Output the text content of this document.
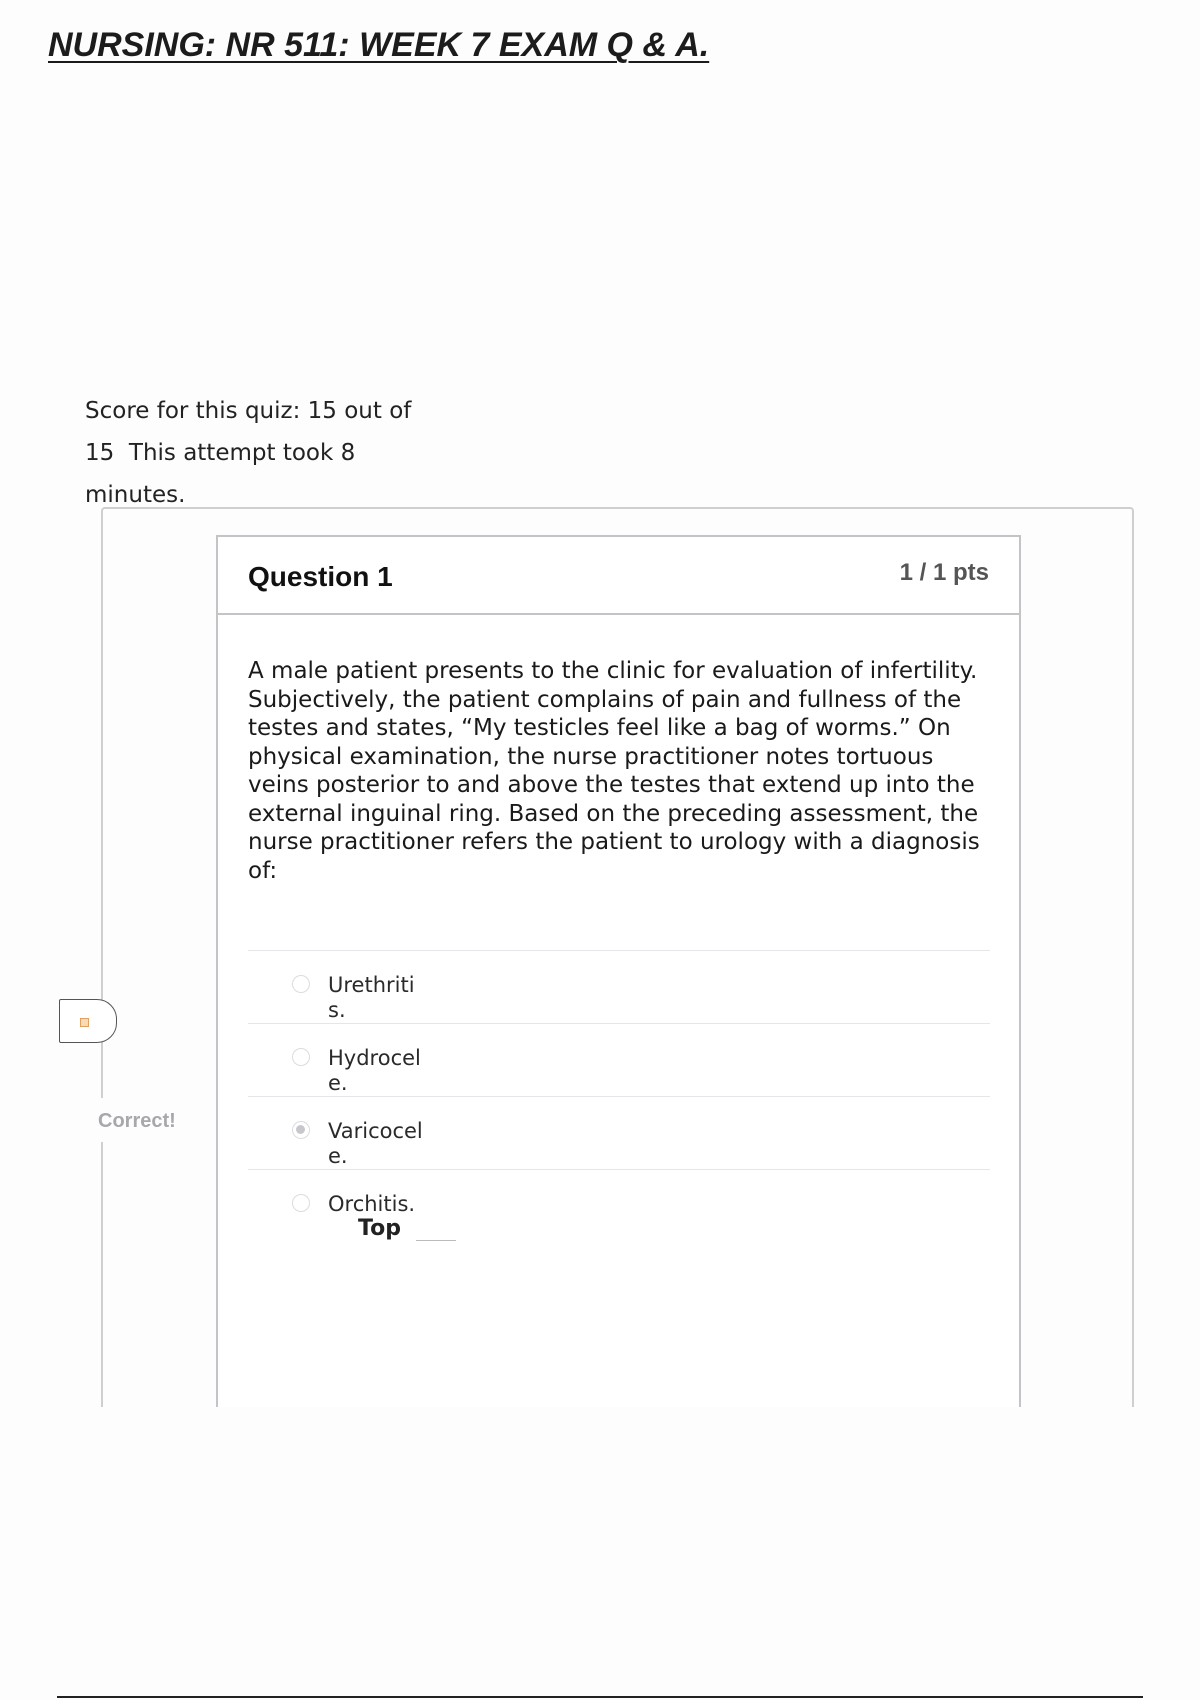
NURSING: NR 511: WEEK 7 EXAM Q & A.
Score for this quiz: 15 out of
15  This attempt took 8
minutes.
Question 1	1 / 1 pts

A male patient presents to the clinic for evaluation of infertility.

Subjectively, the patient complains of pain and fullness of the testes and states, “My testicles feel like a bag of worms.” On physical examination, the nurse practitioner notes tortuous veins posterior to and above the testes that extend up into the external inguinal ring. Based on the preceding assessment, the nurse practitioner refers the patient to urology with a diagnosis of:

Urethritis.
Hydrocele.
Varicocele.
Orchitis.
Top
Correct!
